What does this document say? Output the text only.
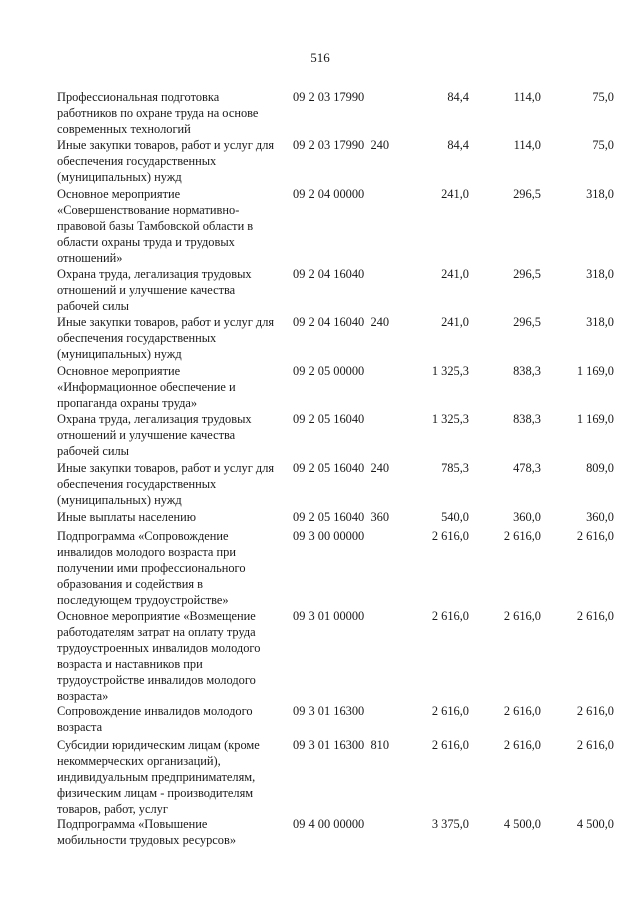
516
Профессиональная подготовка работников по охране труда на основе современных технологий
09 2 03 17990	84,4	114,0	75,0
Иные закупки товаров, работ и услуг для обеспечения государственных (муниципальных) нужд
09 2 03 17990  240	84,4	114,0	75,0
Основное мероприятие «Совершенствование нормативно-правовой базы Тамбовской области в области охраны труда и трудовых отношений»
09 2 04 00000	241,0	296,5	318,0
Охрана труда, легализация трудовых отношений и улучшение качества рабочей силы
09 2 04 16040	241,0	296,5	318,0
Иные закупки товаров, работ и услуг для обеспечения государственных (муниципальных) нужд
09 2 04 16040  240	241,0	296,5	318,0
Основное мероприятие «Информационное обеспечение и пропаганда охраны труда»
09 2 05 00000	1 325,3	838,3	1 169,0
Охрана труда, легализация трудовых отношений и улучшение качества рабочей силы
09 2 05 16040	1 325,3	838,3	1 169,0
Иные закупки товаров, работ и услуг для обеспечения государственных (муниципальных) нужд
09 2 05 16040  240	785,3	478,3	809,0
Иные выплаты населению	09 2 05 16040  360	540,0	360,0	360,0
Подпрограмма «Сопровождение инвалидов молодого возраста при получении ими профессионального образования и содействия в последующем трудоустройстве»
09 3 00 00000	2 616,0	2 616,0	2 616,0
Основное мероприятие «Возмещение работодателям затрат на оплату труда трудоустроенных инвалидов молодого возраста и наставников при трудоустройстве инвалидов молодого возраста»
09 3 01 00000	2 616,0	2 616,0	2 616,0
Сопровождение инвалидов молодого возраста
09 3 01 16300	2 616,0	2 616,0	2 616,0
Субсидии юридическим лицам (кроме некоммерческих организаций), индивидуальным предпринимателям, физическим лицам - производителям товаров, работ, услуг
09 3 01 16300  810	2 616,0	2 616,0	2 616,0
Подпрограмма «Повышение мобильности трудовых ресурсов»
09 4 00 00000	3 375,0	4 500,0	4 500,0
